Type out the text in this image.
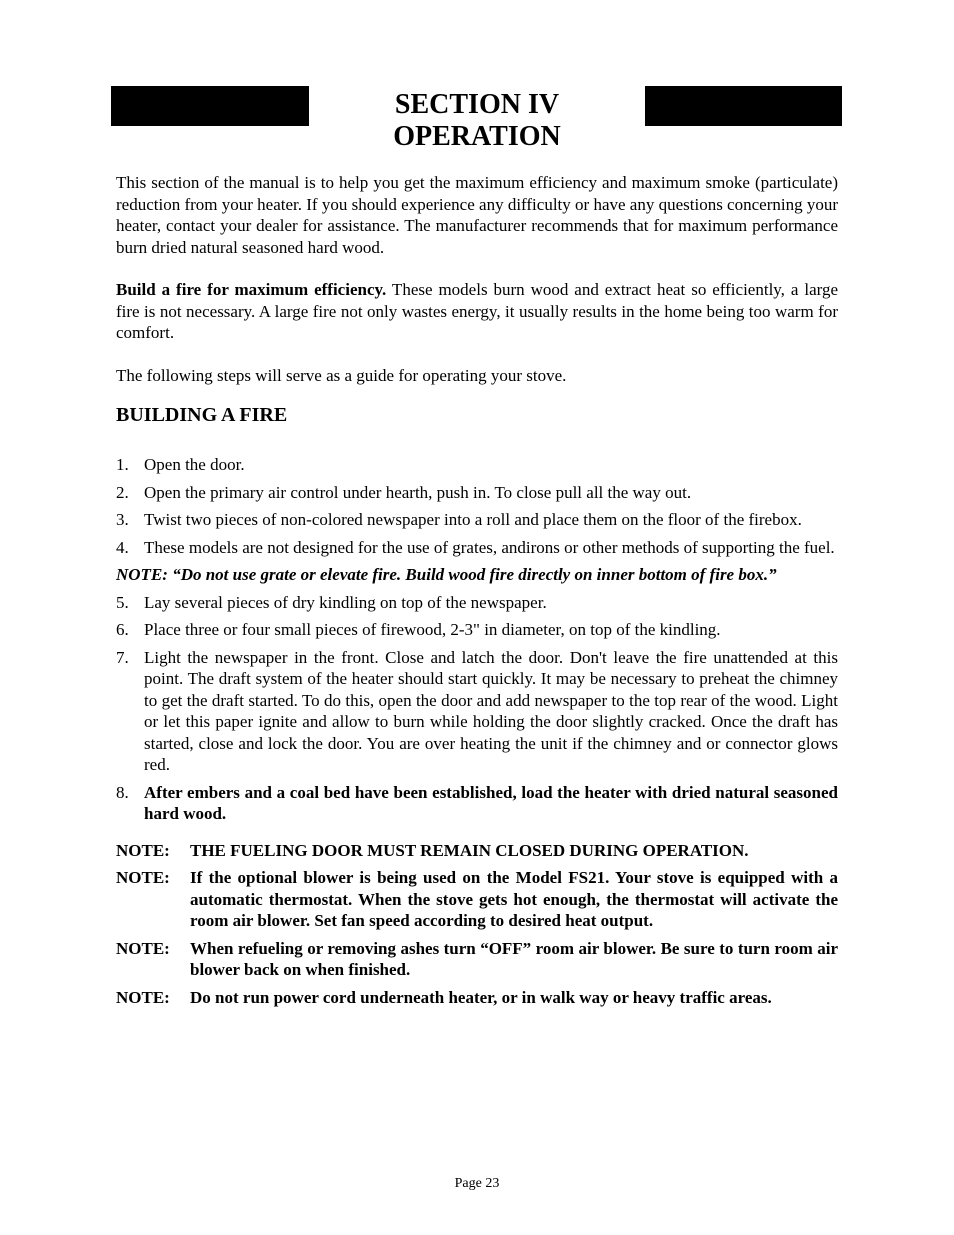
SECTION IV
OPERATION

This section of the manual is to help you get the maximum efficiency and maximum smoke (particulate) reduction from your heater. If you should experience any difficulty or have any questions concerning your heater, contact your dealer for assistance. The manufacturer recommends that for maximum performance burn dried natural seasoned hard wood.

Build a fire for maximum efficiency. These models burn wood and extract heat so efficiently, a large fire is not necessary. A large fire not only wastes energy, it usually results in the home being too warm for comfort.

The following steps will serve as a guide for operating your stove.

BUILDING A FIRE
1. Open the door.
2. Open the primary air control under hearth, push in. To close pull all the way out.
3. Twist two pieces of non-colored newspaper into a roll and place them on the floor of the firebox.
4. These models are not designed for the use of grates, andirons or other methods of supporting the fuel.
NOTE: “Do not use grate or elevate fire. Build wood fire directly on inner bottom of fire box.”
5. Lay several pieces of dry kindling on top of the newspaper.
6. Place three or four small pieces of firewood, 2-3" in diameter, on top of the kindling.
7. Light the newspaper in the front. Close and latch the door. Don't leave the fire unattended at this point. The draft system of the heater should start quickly. It may be necessary to preheat the chimney to get the draft started. To do this, open the door and add newspaper to the top rear of the wood. Light or let this paper ignite and allow to burn while holding the door slightly cracked. Once the draft has started, close and lock the door. You are over heating the unit if the chimney and or connector glows red.
8. After embers and a coal bed have been established, load the heater with dried natural seasoned hard wood.
NOTE: THE FUELING DOOR MUST REMAIN CLOSED DURING OPERATION.
NOTE: If the optional blower is being used on the Model FS21. Your stove is equipped with a automatic thermostat. When the stove gets hot enough, the thermostat will activate the room air blower. Set fan speed according to desired heat output.
NOTE: When refueling or removing ashes turn “OFF” room air blower. Be sure to turn room air blower back on when finished.
NOTE: Do not run power cord underneath heater, or in walk way or heavy traffic areas.
Page 23
